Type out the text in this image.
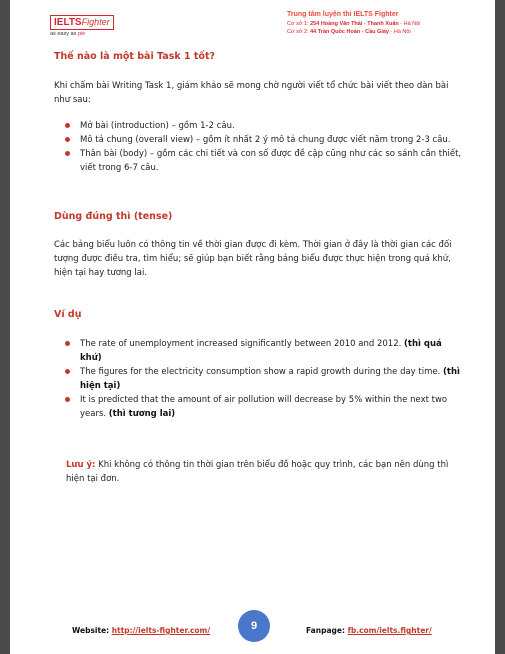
IELTSFighter
as easy as pie
Trung tâm luyện thi IELTS Fighter
Cơ sở 1: 254 Hoàng Văn Thái - Thanh Xuân - Hà Nội
Cơ sở 2: 44 Trần Quốc Hoàn - Cầu Giấy - Hà Nội
Thế nào là một bài Task 1 tốt?
Khi chấm bài Writing Task 1, giám khảo sẽ mong chờ người viết tổ chức bài viết theo dàn bài như sau:
Mở bài (introduction) – gồm 1-2 câu.
Mô tả chung (overall view) – gồm ít nhất 2 ý mô tả chung được viết năm trong 2-3 câu.
Thân bài (body) – gồm các chi tiết và con số được đề cập cũng như các so sánh cần thiết, viết trong 6-7 câu.
Dùng đúng thì (tense)
Các bảng biểu luôn có thông tin về thời gian được đi kèm. Thời gian ở đây là thời gian các đối tượng được điều tra, tìm hiểu; sẽ giúp bạn biết rằng bảng biểu được thực hiện trong quá khứ, hiện tại hay tương lai.
Ví dụ
The rate of unemployment increased significantly between 2010 and 2012. (thì quá khứ)
The figures for the electricity consumption show a rapid growth during the day time. (thì hiện tại)
It is predicted that the amount of air pollution will decrease by 5% within the next two years. (thì tương lai)
Lưu ý: Khi không có thông tin thời gian trên biểu đồ hoặc quy trình, các bạn nên dùng thì hiện tại đơn.
Website: http://ielts-fighter.com/	9	Fanpage: fb.com/ielts.fighter/
